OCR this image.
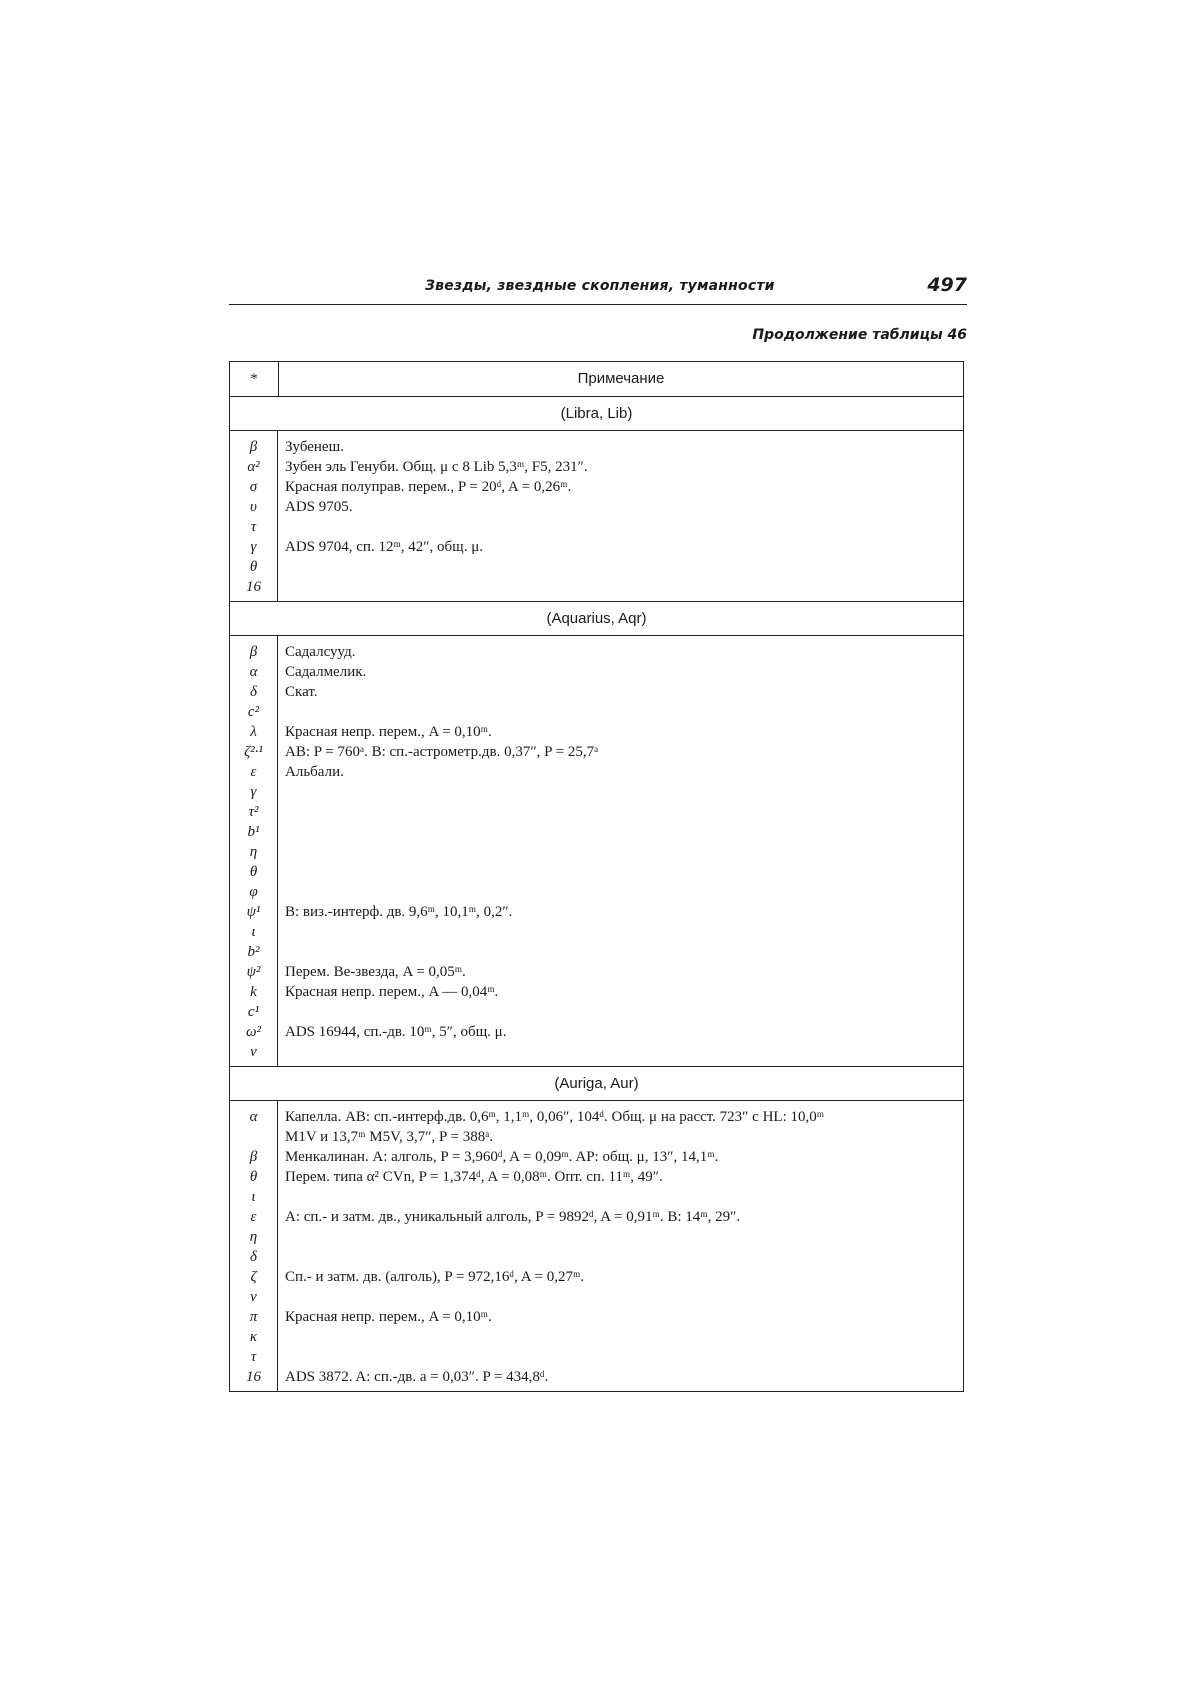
Звезды, звездные скопления, туманности	497
Продолжение таблицы 46
*	Примечание
(Libra, Lib)
β
α²
σ
υ
τ
γ
θ
16
Зубенеш.
Зубен эль Генуби. Общ. μ с 8 Lib 5,3ᵐ, F5, 231″.
Красная полуправ. перем., P = 20ᵈ, A = 0,26ᵐ.
ADS 9705.
ADS 9704, сп. 12ᵐ, 42″, общ. μ.
(Aquarius, Aqr)
β
α
δ
c²
λ
ζ²·¹
ε
γ
τ²
b¹
η
θ
φ
ψ¹
ι
b²
ψ²
k
c¹
ω²
ν
Садалсууд.
Садалмелик.
Скат.
Красная непр. перем., A = 0,10ᵐ.
AB: P = 760ᵃ. B: сп.-астрометр.дв. 0,37″, P = 25,7ᵃ
Альбали.
B: виз.-интерф. дв. 9,6ᵐ, 10,1ᵐ, 0,2″.
Перем. Be-звезда, A = 0,05ᵐ.
Красная непр. перем., A — 0,04ᵐ.
ADS 16944, сп.-дв. 10ᵐ, 5″, общ. μ.
(Auriga, Aur)
α
β
θ
ι
ε
η
δ
ζ
ν
π
κ
τ
16
Капелла. AB: сп.-интерф.дв. 0,6ᵐ, 1,1ᵐ, 0,06″, 104ᵈ. Общ. μ на расст. 723″ с HL: 10,0ᵐ
M1V и 13,7ᵐ M5V, 3,7″, P = 388ᵃ.
Менкалинан. A: алголь, P = 3,960ᵈ, A = 0,09ᵐ. AP: общ. μ, 13″, 14,1ᵐ.
Перем. типа α² CVn, P = 1,374ᵈ, A = 0,08ᵐ. Опт. сп. 11ᵐ, 49″.
A: сп.- и затм. дв., уникальный алголь, P = 9892ᵈ, A = 0,91ᵐ. B: 14ᵐ, 29″.
Сп.- и затм. дв. (алголь), P = 972,16ᵈ, A = 0,27ᵐ.
Красная непр. перем., A = 0,10ᵐ.
ADS 3872. A: сп.-дв. a = 0,03″. P = 434,8ᵈ.
